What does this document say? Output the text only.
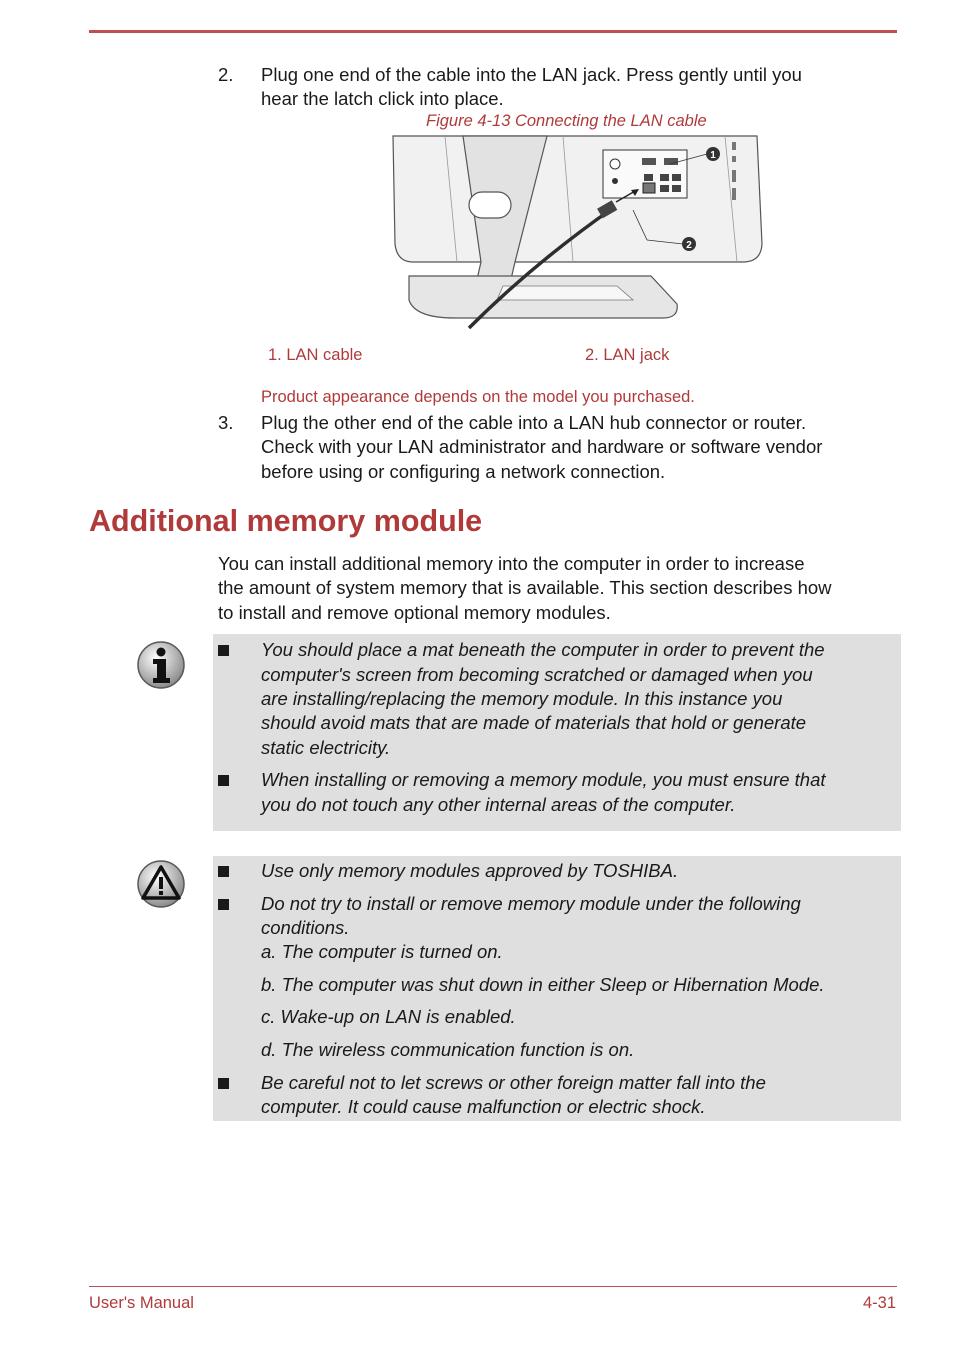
2. Plug one end of the cable into the LAN jack. Press gently until you
hear the latch click into place.
Figure 4-13 Connecting the LAN cable
1
2
1. LAN cable	2. LAN jack
Product appearance depends on the model you purchased.
3. Plug the other end of the cable into a LAN hub connector or router.
Check with your LAN administrator and hardware or software vendor
before using or configuring a network connection.
Additional memory module
You can install additional memory into the computer in order to increase
the amount of system memory that is available. This section describes how
to install and remove optional memory modules.
You should place a mat beneath the computer in order to prevent the
computer's screen from becoming scratched or damaged when you
are installing/replacing the memory module. In this instance you
should avoid mats that are made of materials that hold or generate
static electricity.
When installing or removing a memory module, you must ensure that
you do not touch any other internal areas of the computer.
Use only memory modules approved by TOSHIBA.
Do not try to install or remove memory module under the following
conditions.
a. The computer is turned on.
b. The computer was shut down in either Sleep or Hibernation Mode.
c. Wake-up on LAN is enabled.
d. The wireless communication function is on.
Be careful not to let screws or other foreign matter fall into the
computer. It could cause malfunction or electric shock.
User's Manual	4-31
